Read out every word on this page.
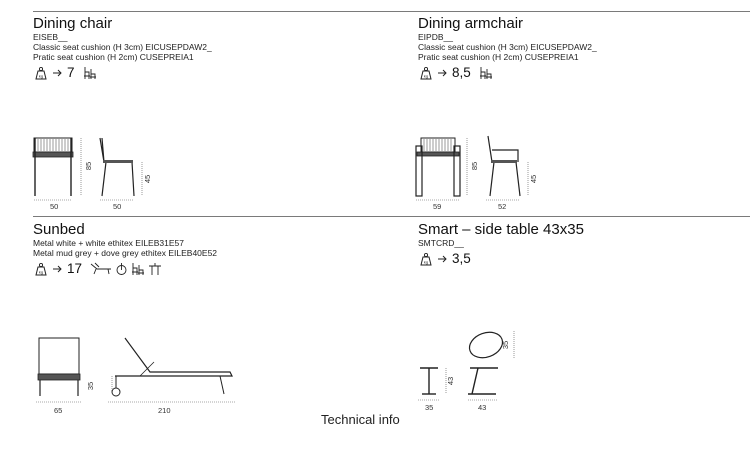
Dining chair
EISEB__
Classic seat cushion (H 3cm) EICUSEPDAW2_
Pratic seat cushion (H 2cm) CUSEPREIA1
kg 7
50	50
85
45
Dining armchair
EIPDB__
Classic seat cushion (H 3cm) EICUSEPDAW2_
Pratic seat cushion (H 2cm) CUSEPREIA1
kg 8,5
59	52
85
45
Sunbed
Metal white + white ethitex EILEB31E57
Metal mud grey + dove grey ethitex EILEB40E52
kg 17
65	210
35
Smart – side table 43x35
SMTCRD__
kg 3,5
35	43
43
35
Technical info
